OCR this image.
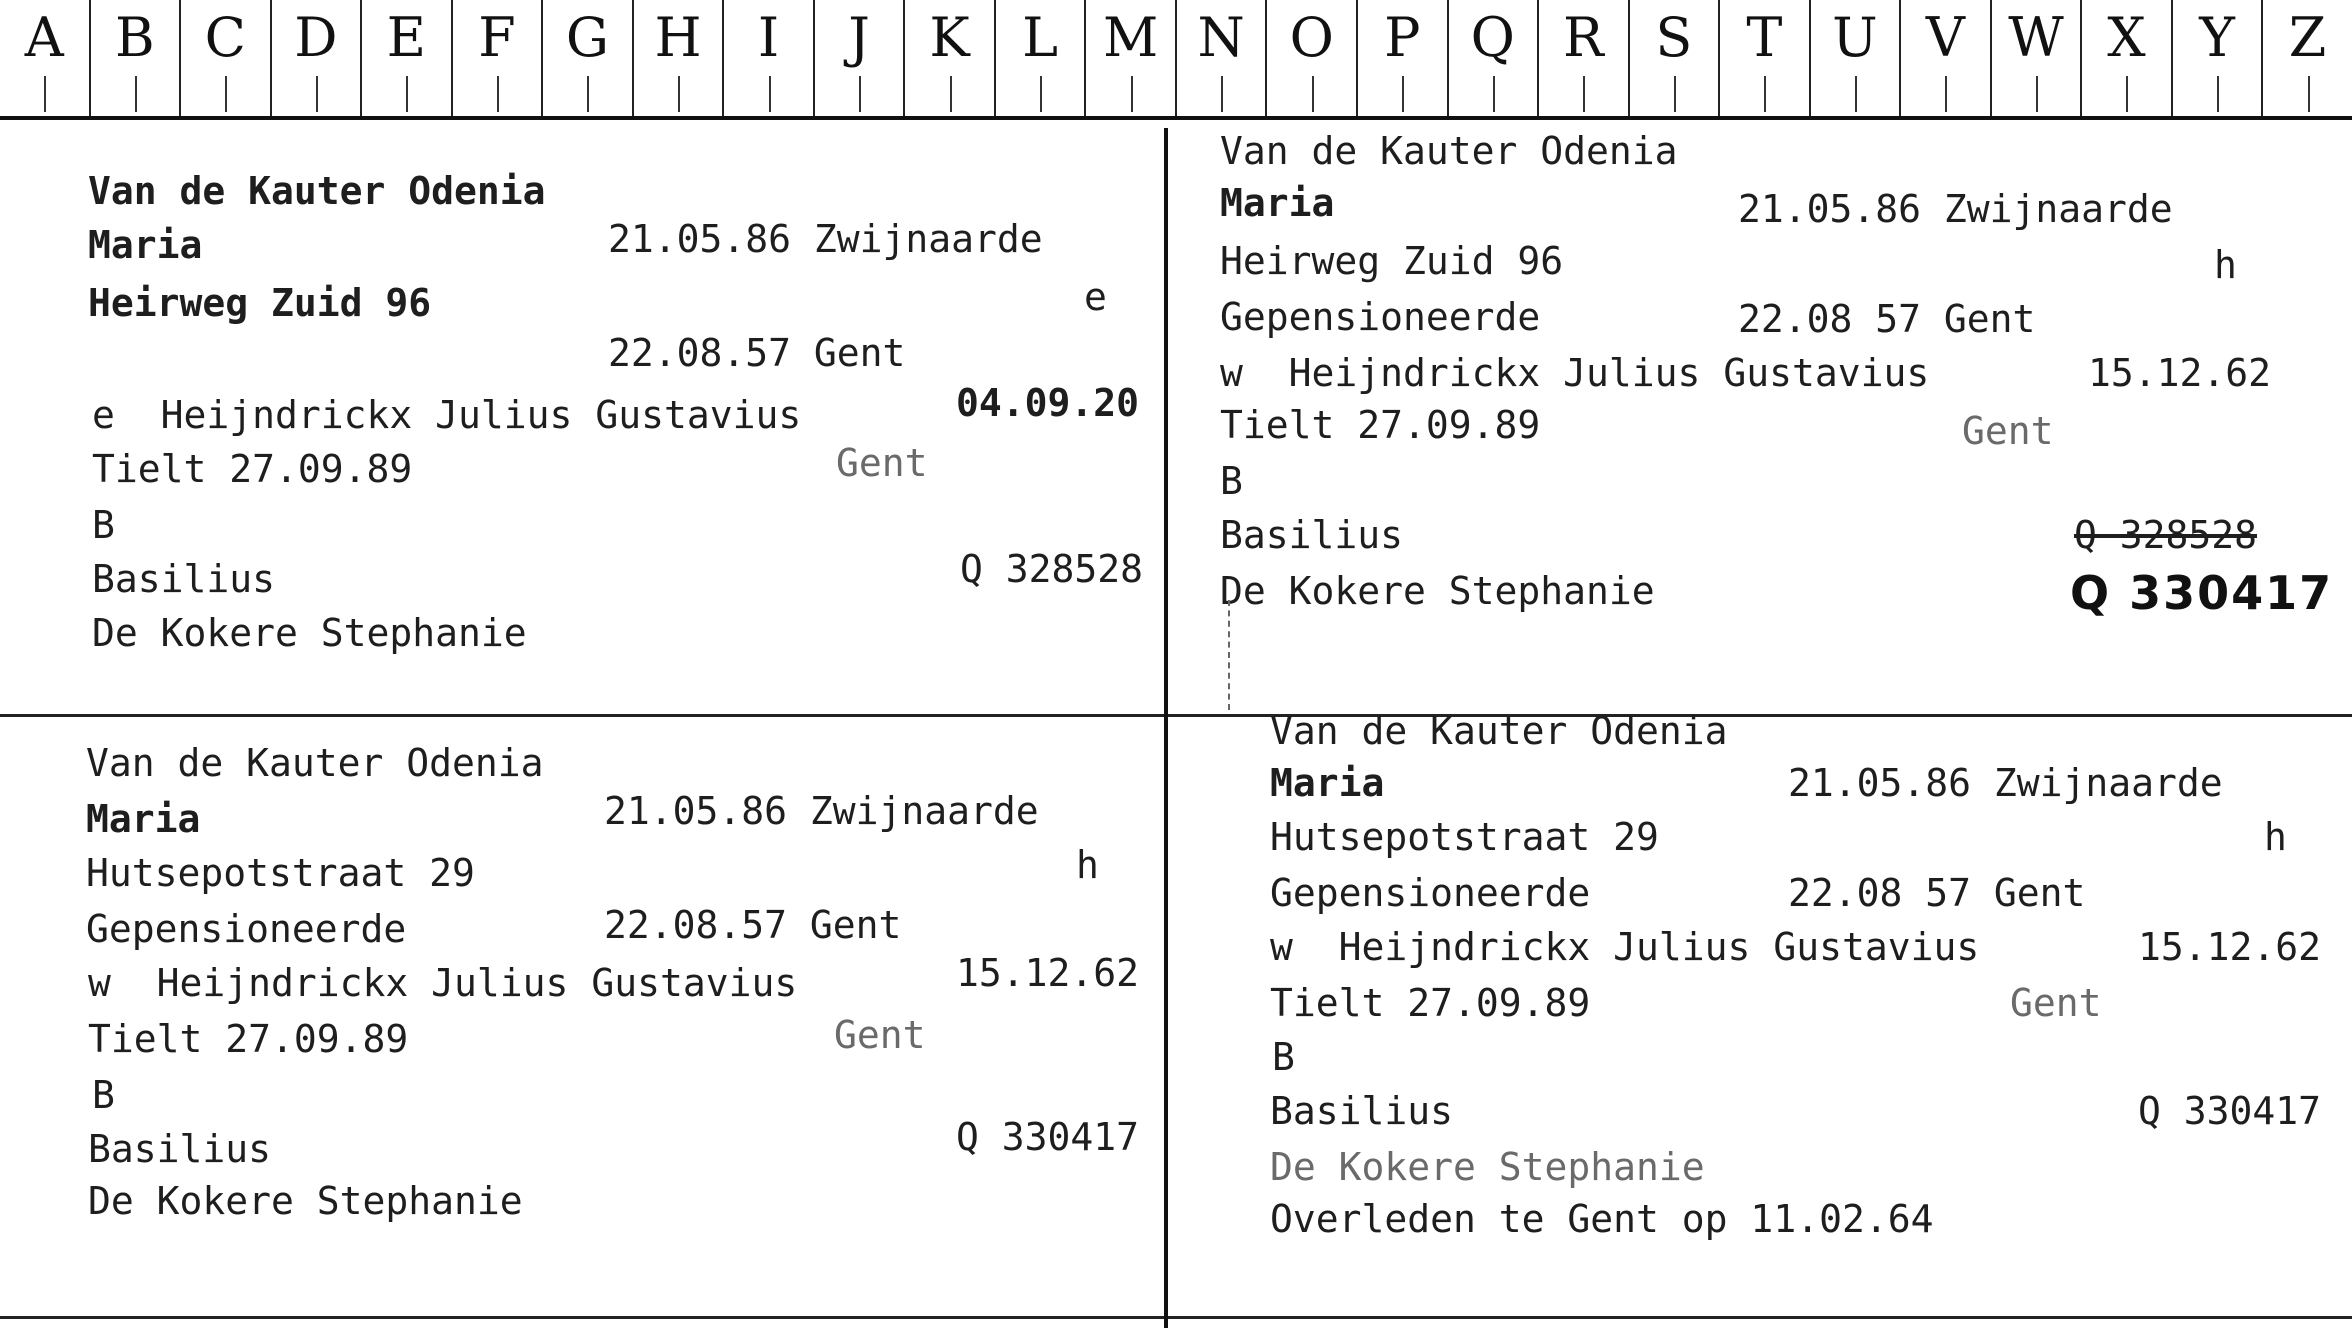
A B C D E F G H	I	J	K L M N O P Q R S	T U V W X Y Z
Van de Kauter Odenia
Maria	21.05.86 Zwijnaarde
Heirweg Zuid 96	e
22.08.57 Gent
e  Heijndrickx Julius Gustavius	04.09.20
Tielt 27.09.89	Gent
B
Basilius	Q 328528
De Kokere Stephanie
Van de Kauter Odenia
Maria	21.05.86 Zwijnaarde
Heirweg Zuid 96	h
Gepensioneerde	22.08 57 Gent
w  Heijndrickx Julius Gustavius	15.12.62
Tielt 27.09.89	Gent
B
Basilius	Q 328528
De Kokere Stephanie	Q 330417
Van de Kauter Odenia
Maria	21.05.86 Zwijnaarde
Hutsepotstraat 29	h
Gepensioneerde	22.08.57 Gent
w  Heijndrickx Julius Gustavius	15.12.62
Tielt 27.09.89	Gent
B
Basilius	Q 330417
De Kokere Stephanie
Van de Kauter Odenia
Maria	21.05.86 Zwijnaarde
Hutsepotstraat 29	h
Gepensioneerde	22.08 57 Gent
w  Heijndrickx Julius Gustavius	15.12.62
Tielt 27.09.89	Gent
B
Basilius	Q 330417
De Kokere Stephanie
Overleden te Gent op 11.02.64
